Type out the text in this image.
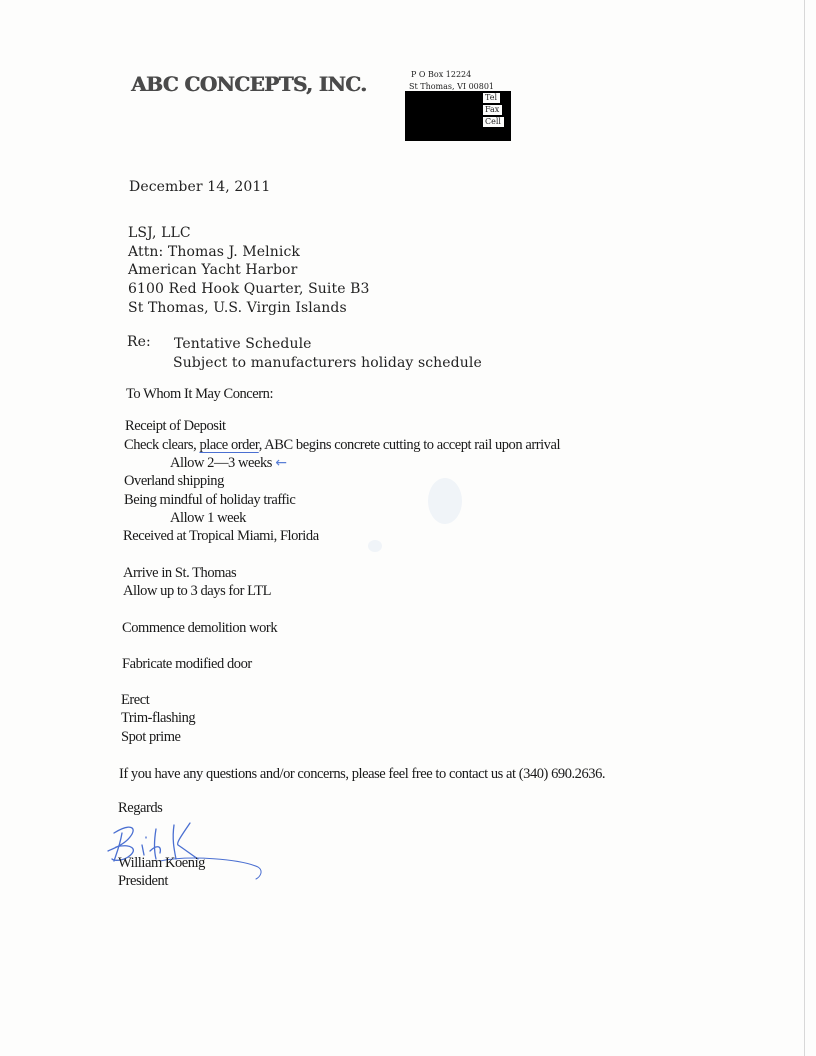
ABC CONCEPTS, INC.	P O Box 12224
St Thomas, VI 00801
Tel
Fax
Cell
December 14, 2011
LSJ, LLC
Attn: Thomas J. Melnick
American Yacht Harbor
6100 Red Hook Quarter, Suite B3
St Thomas, U.S. Virgin Islands
Re: Tentative Schedule
Subject to manufacturers holiday schedule
To Whom It May Concern:
Receipt of Deposit
Check clears, place order, ABC begins concrete cutting to accept rail upon arrival
Allow 2—3 weeks ←
Overland shipping
Being mindful of holiday traffic
Allow 1 week
Received at Tropical Miami, Florida
Arrive in St. Thomas
Allow up to 3 days for LTL
Commence demolition work
Fabricate modified door
Erect
Trim-flashing
Spot prime
If you have any questions and/or concerns, please feel free to contact us at (340) 690.2636.
Regards
William Koenig
President
